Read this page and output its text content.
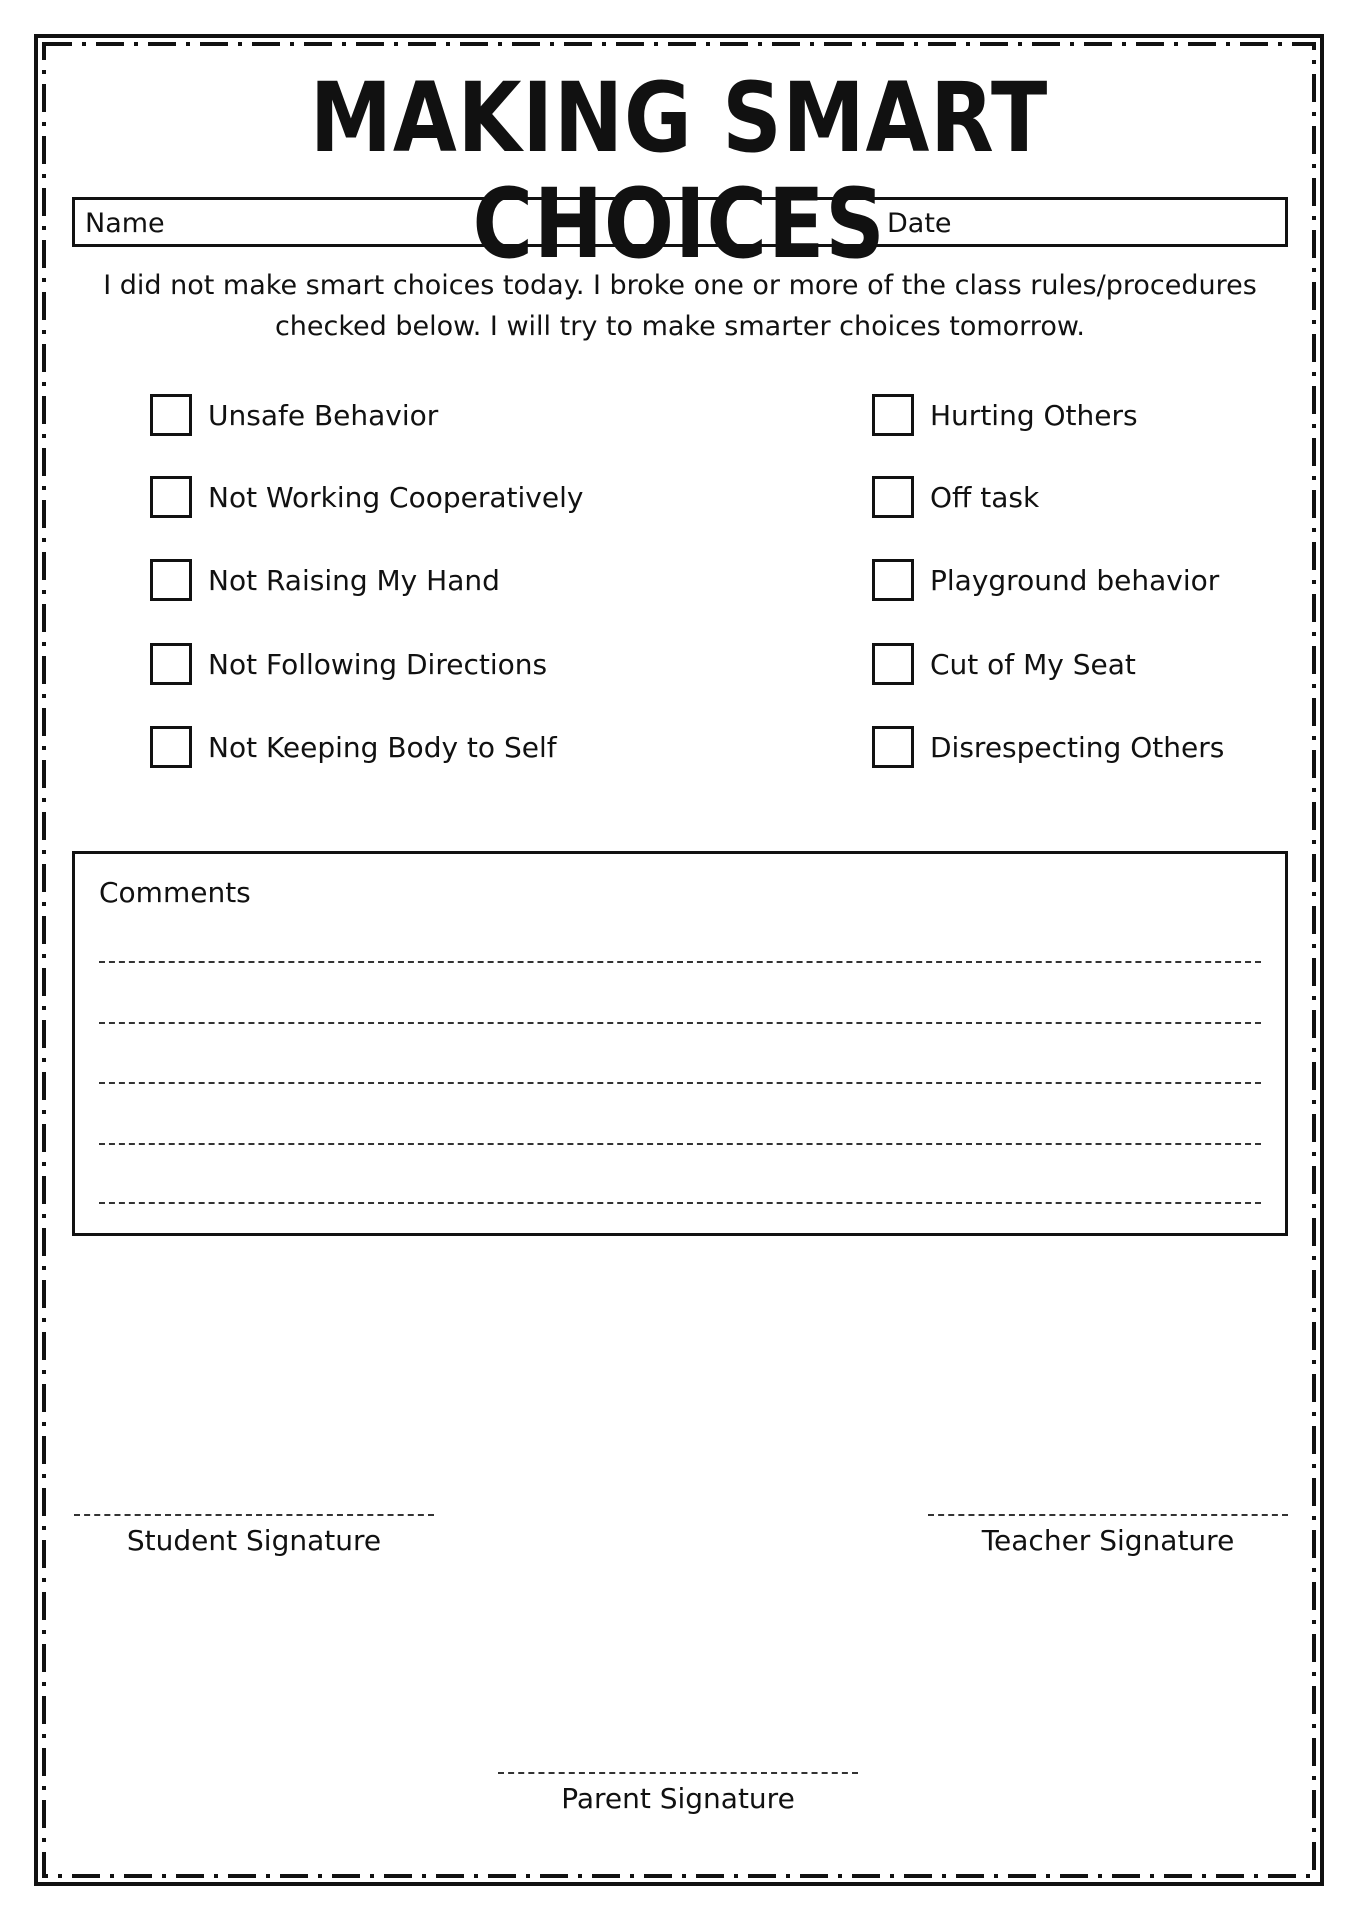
MAKING SMART CHOICES
Name	Date
I did not make smart choices today. I broke one or more of the class rules/procedures checked below. I will try to make smarter choices tomorrow.
Unsafe Behavior
Not Working Cooperatively
Not Raising My Hand
Not Following Directions
Not Keeping Body to Self
Hurting Others
Off task
Playground behavior
Cut of My Seat
Disrespecting Others
Comments
Student Signature	Teacher Signature
Parent Signature
